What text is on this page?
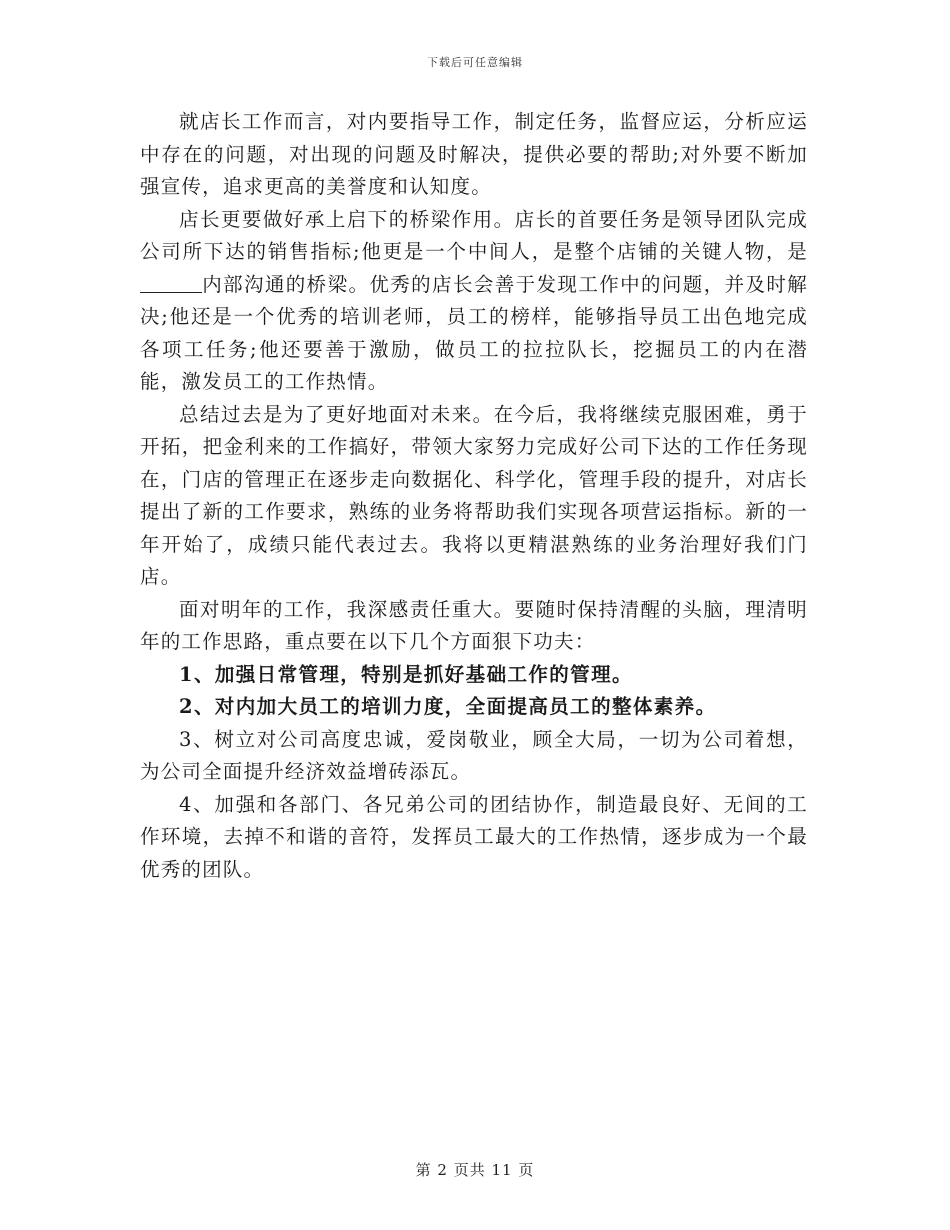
下载后可任意编辑

就店长工作而言，对内要指导工作，制定任务，监督应运，分析应运中存在的问题，对出现的问题及时解决，提供必要的帮助;对外要不断加强宣传，追求更高的美誉度和认知度。

店长更要做好承上启下的桥梁作用。店长的首要任务是领导团队完成公司所下达的销售指标;他更是一个中间人，是整个店铺的关键人物，是内部沟通的桥梁。优秀的店长会善于发现工作中的问题，并及时解决;他还是一个优秀的培训老师，员工的榜样，能够指导员工出色地完成各项工任务;他还要善于激励，做员工的拉拉队长，挖掘员工的内在潜能，激发员工的工作热情。

总结过去是为了更好地面对未来。在今后，我将继续克服困难，勇于开拓，把金利来的工作搞好，带领大家努力完成好公司下达的工作任务现在，门店的管理正在逐步走向数据化、科学化，管理手段的提升，对店长提出了新的工作要求，熟练的业务将帮助我们实现各项营运指标。新的一年开始了，成绩只能代表过去。我将以更精湛熟练的业务治理好我们门店。

面对明年的工作，我深感责任重大。要随时保持清醒的头脑，理清明年的工作思路，重点要在以下几个方面狠下功夫：

1、加强日常管理，特别是抓好基础工作的管理。

2、对内加大员工的培训力度，全面提高员工的整体素养。

3、树立对公司高度忠诚，爱岗敬业，顾全大局，一切为公司着想，为公司全面提升经济效益增砖添瓦。

4、加强和各部门、各兄弟公司的团结协作，制造最良好、无间的工作环境，去掉不和谐的音符，发挥员工最大的工作热情，逐步成为一个最优秀的团队。

第 2 页共 11 页
